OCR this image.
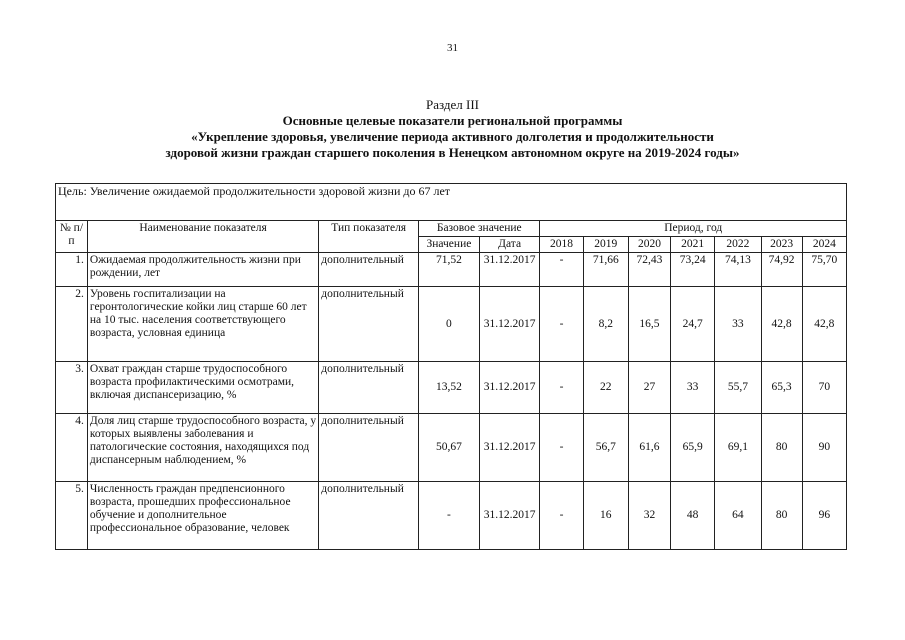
31
Раздел III
Основные целевые показатели региональной программы
«Укрепление здоровья, увеличение периода активного долголетия и продолжительности
здоровой жизни граждан старшего поколения в Ненецком автономном округе на 2019-2024 годы»
Цель: Увеличение ожидаемой продолжительности здоровой жизни до 67 лет											
№ п/п	Наименование показателя	Тип показателя	Базовое значение		Период, год						
					2018	2019	2020	2021	2022	2023	2024
			Значение	Дата							
1.	Ожидаемая продолжительность жизни при рождении, лет	дополнительный	71,52	31.12.2017	-	71,66	72,43	73,24	74,13	74,92	75,70
2.	Уровень госпитализации на геронтологические койки лиц старше 60 лет на 10 тыс. населения соответствующего возраста, условная единица	дополнительный	0	31.12.2017	-	8,2	16,5	24,7	33	42,8	42,8
3.	Охват граждан старше трудоспособного возраста профилактическими осмотрами, включая диспансеризацию, %	дополнительный	13,52	31.12.2017	-	22	27	33	55,7	65,3	70
4.	Доля лиц старше трудоспособного возраста, у которых выявлены заболевания и патологические состояния, находящихся под диспансерным наблюдением, %	дополнительный	50,67	31.12.2017	-	56,7	61,6	65,9	69,1	80	90
5.	Численность граждан предпенсионного возраста, прошедших профессиональное обучение и дополнительное профессиональное образование, человек	дополнительный	-	31.12.2017	-	16	32	48	64	80	96
